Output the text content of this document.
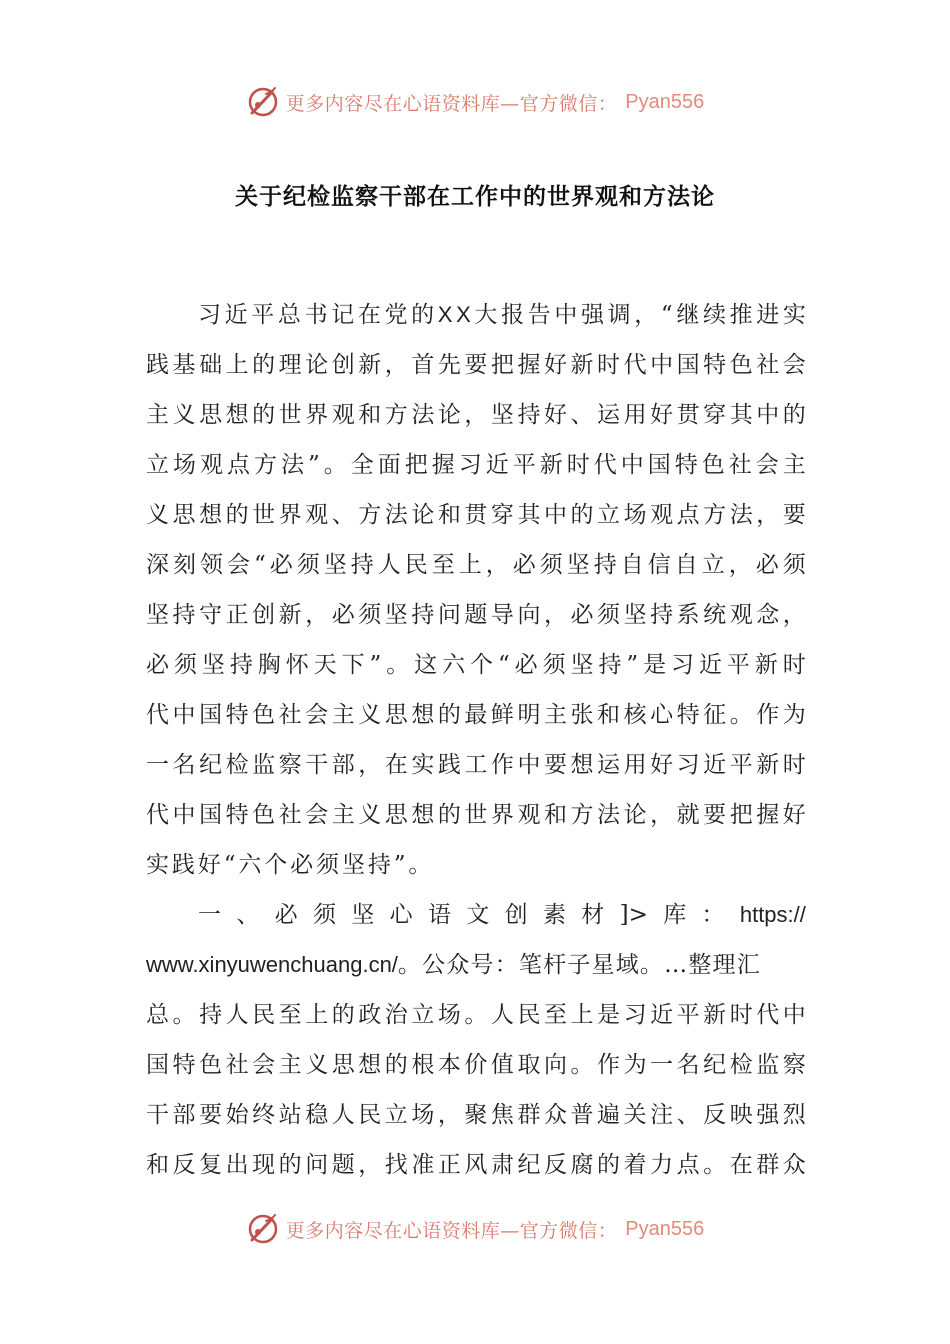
更多内容尽在心语资料库—官方微信： Pyan556
关于纪检监察干部在工作中的世界观和方法论
习 近 平 总 书 记 在 党 的 X X 大 报 告 中 强 调 ， “ 继 续 推 进 实
践 基 础 上 的 理 论 创 新 ， 首 先 要 把 握 好 新 时 代 中 国 特 色 社 会
主 义 思 想 的 世 界 观 和 方 法 论 ， 坚 持 好 、 运 用 好 贯 穿 其 中 的
立 场 观 点 方 法 ” 。 全 面 把 握 习 近 平 新 时 代 中 国 特 色 社 会 主
义 思 想 的 世 界 观 、 方 法 论 和 贯 穿 其 中 的 立 场 观 点 方 法 ， 要
深 刻 领 会 “ 必 须 坚 持 人 民 至 上 ， 必 须 坚 持 自 信 自 立 ， 必 须
坚 持 守 正 创 新 ， 必 须 坚 持 问 题 导 向 ， 必 须 坚 持 系 统 观 念 ，
必 须 坚 持 胸 怀 天 下 ” 。 这 六 个 “ 必 须 坚 持 ” 是 习 近 平 新 时
代 中 国 特 色 社 会 主 义 思 想 的 最 鲜 明 主 张 和 核 心 特 征 。 作 为
一 名 纪 检 监 察 干 部 ， 在 实 践 工 作 中 要 想 运 用 好 习 近 平 新 时
代 中 国 特 色 社 会 主 义 思 想 的 世 界 观 和 方 法 论 ， 就 要 把 握 好
实践好“六个必须坚持”。
一 、 必 须 坚 心 语 文 创 素 材 ]> 库 ： https://
www.xinyuwenchuang.cn/ 。公众号：笔杆子星域。…整理汇
总 。 持 人 民 至 上 的 政 治 立 场 。 人 民 至 上 是 习 近 平 新 时 代 中
国 特 色 社 会 主 义 思 想 的 根 本 价 值 取 向 。 作 为 一 名 纪 检 监 察
干 部 要 始 终 站 稳 人 民 立 场 ， 聚 焦 群 众 普 遍 关 注 、 反 映 强 烈
和 反 复 出 现 的 问 题 ， 找 准 正 风 肃 纪 反 腐 的 着 力 点 。 在 群 众
更多内容尽在心语资料库—官方微信： Pyan556
